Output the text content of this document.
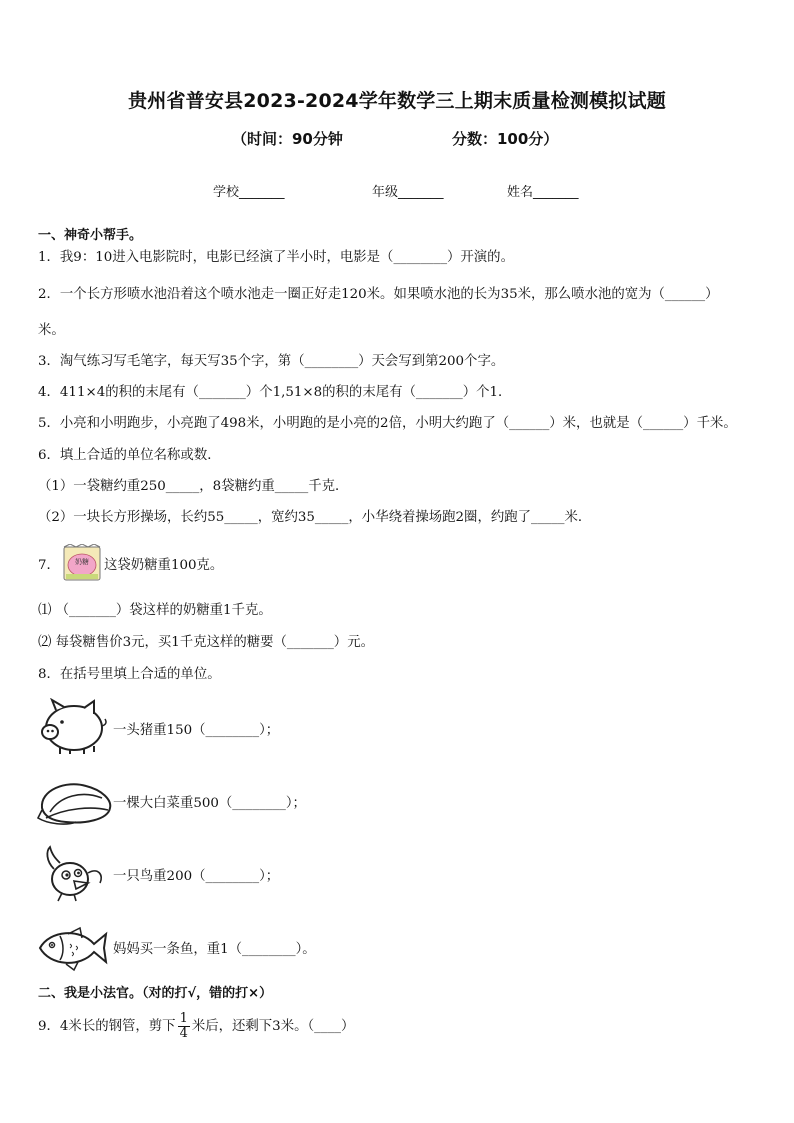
贵州省普安县2023-2024学年数学三上期末质量检测模拟试题
（时间：90分钟	分数：100分）
学校_______	年级_______	姓名_______
一、神奇小帮手。
1．我9：10进入电影院时，电影已经演了半小时，电影是（________）开演的。
2．一个长方形喷水池沿着这个喷水池走一圈正好走120米。如果喷水池的长为35米，那么喷水池的宽为（______）
米。
3．淘气练习写毛笔字，每天写35个字，第（________）天会写到第200个字。
4．411×4的积的末尾有（_______）个1,51×8的积的末尾有（_______）个1．
5．小亮和小明跑步，小亮跑了498米，小明跑的是小亮的2倍，小明大约跑了（______）米，也就是（______）千米。
6．填上合适的单位名称或数．
（1）一袋糖约重250_____，8袋糖约重_____千克．
（2）一块长方形操场，长约55_____，宽约35_____，小华绕着操场跑2圈，约跑了_____米．
7． 奶糖 这袋奶糖重100克。
⑴ （_______）袋这样的奶糖重1千克。
⑵ 每袋糖售价3元，买1千克这样的糖要（_______）元。
8．在括号里填上合适的单位。
一头猪重150（________）；
一棵大白菜重500（________）；
一只鸟重200（________）；
妈妈买一条鱼，重1（________）。
二、我是小法官。（对的打√，错的打×）
9．4米长的钢管，剪下 $\frac{1}{4}$ 米后，还剩下3米。（____）
